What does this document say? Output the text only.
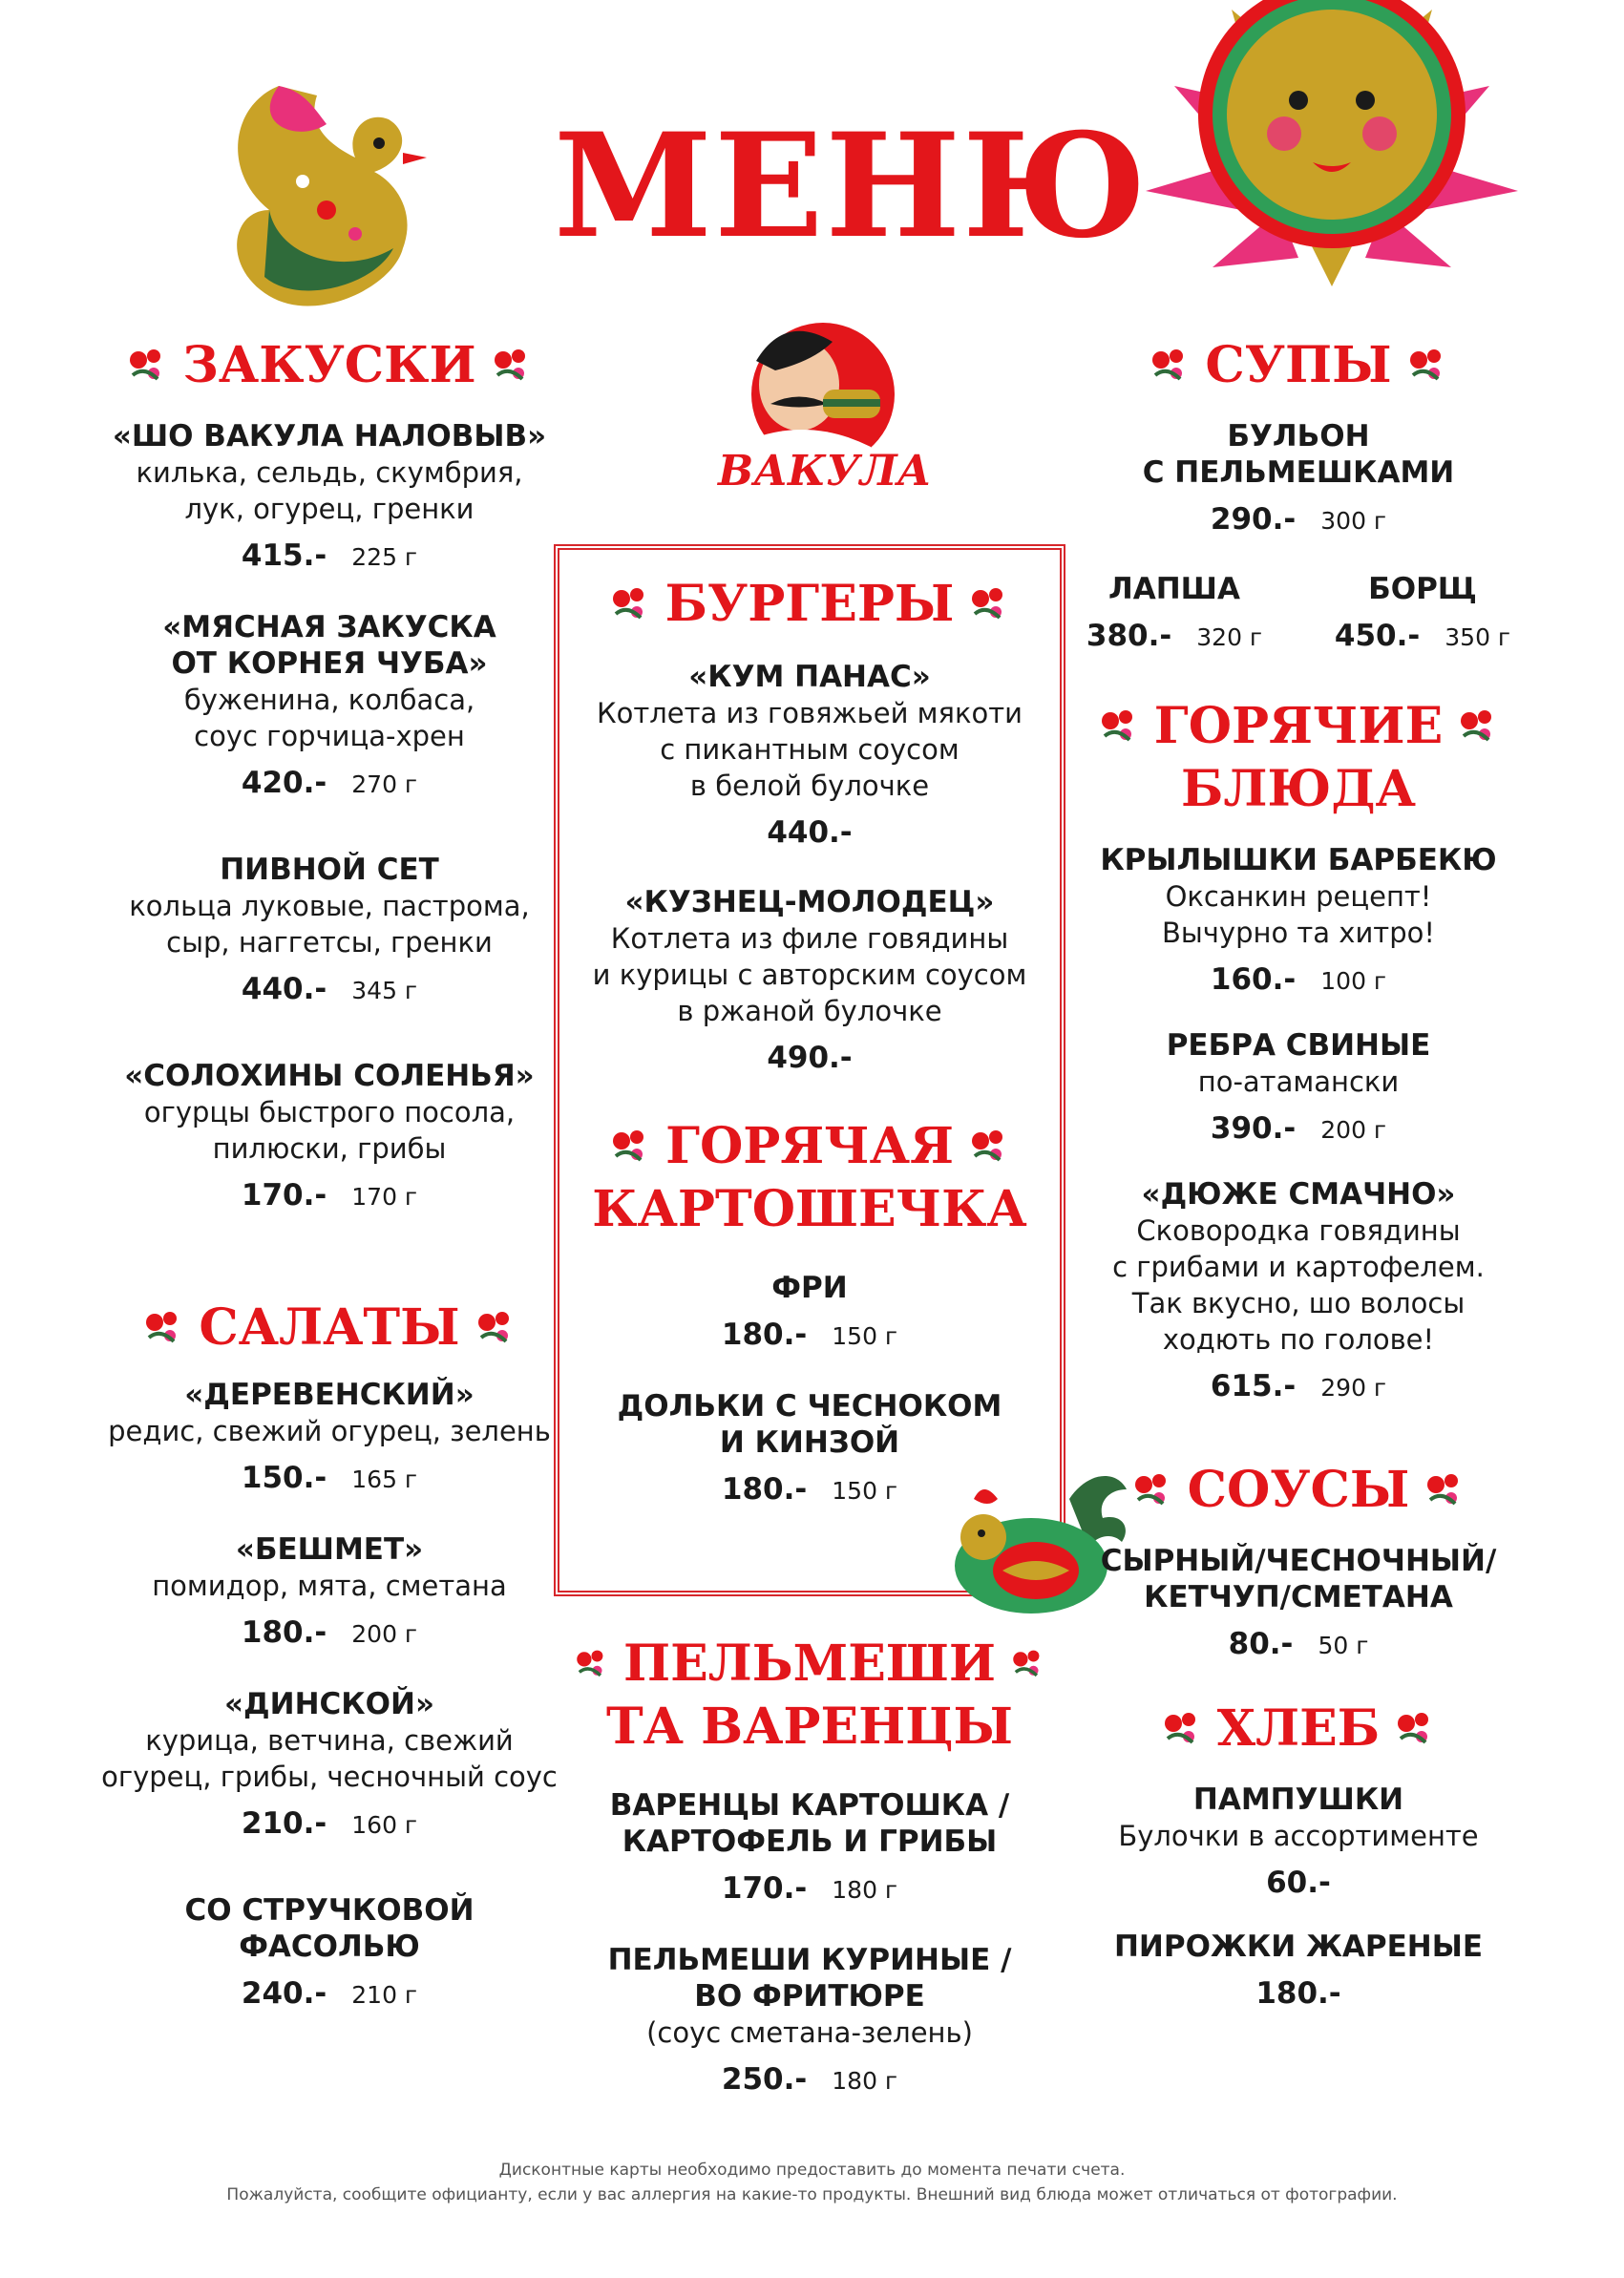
МЕНЮ
ВАКУЛА
ЗАКУСКИ
«ШО ВАКУЛА НАЛОВЫВ»
килька, сельдь, скумбрия,
лук, огурец, гренки
415.- 225 г
«МЯСНАЯ ЗАКУСКА
ОТ КОРНЕЯ ЧУБА»
буженина, колбаса,
соус горчица-хрен
420.- 270 г
ПИВНОЙ СЕТ
кольца луковые, пастрома,
сыр, наггетсы, гренки
440.- 345 г
«СОЛОХИНЫ СОЛЕНЬЯ»
огурцы быстрого посола,
пилюски, грибы
170.- 170 г
САЛАТЫ
«ДЕРЕВЕНСКИЙ»
редис, свежий огурец, зелень
150.- 165 г
«БЕШМЕТ»
помидор, мята, сметана
180.- 200 г
«ДИНСКОЙ»
курица, ветчина, свежий
огурец, грибы, чесночный соус
210.- 160 г
СО СТРУЧКОВОЙ
ФАСОЛЬЮ
240.- 210 г
БУРГЕРЫ
«КУМ ПАНАС»
Котлета из говяжьей мякоти
с пикантным соусом
в белой булочке
440.-
«КУЗНЕЦ-МОЛОДЕЦ»
Котлета из филе говядины
и курицы с авторским соусом
в ржаной булочке
490.-
ГОРЯЧАЯ
КАРТОШЕЧКА
ФРИ
180.- 150 г
ДОЛЬКИ С ЧЕСНОКОМ
И КИНЗОЙ
180.- 150 г
ПЕЛЬМЕШИ
ТА ВАРЕНЦЫ
ВАРЕНЦЫ КАРТОШКА /
КАРТОФЕЛЬ И ГРИБЫ
170.- 180 г
ПЕЛЬМЕШИ КУРИНЫЕ /
ВО ФРИТЮРЕ
(соус сметана-зелень)
250.- 180 г
СУПЫ
БУЛЬОН
С ПЕЛЬМЕШКАМИ
290.- 300 г
ЛАПША
380.- 320 г
БОРЩ
450.- 350 г
ГОРЯЧИЕ
БЛЮДА
КРЫЛЫШКИ БАРБЕКЮ
Оксанкин рецепт!
Вычурно та хитро!
160.- 100 г
РЕБРА СВИНЫЕ
по-атамански
390.- 200 г
«ДЮЖЕ СМАЧНО»
Сковородка говядины
с грибами и картофелем.
Так вкусно, шо волосы
ходють по голове!
615.- 290 г
СОУСЫ
СЫРНЫЙ/ЧЕСНОЧНЫЙ/
КЕТЧУП/СМЕТАНА
80.- 50 г
ХЛЕБ
ПАМПУШКИ
Булочки в ассортименте
60.-
ПИРОЖКИ ЖАРЕНЫЕ
180.-
Дисконтные карты необходимо предоставить до момента печати счета.
Пожалуйста, сообщите официанту, если у вас аллергия на какие-то продукты. Внешний вид блюда может отличаться от фотографии.
